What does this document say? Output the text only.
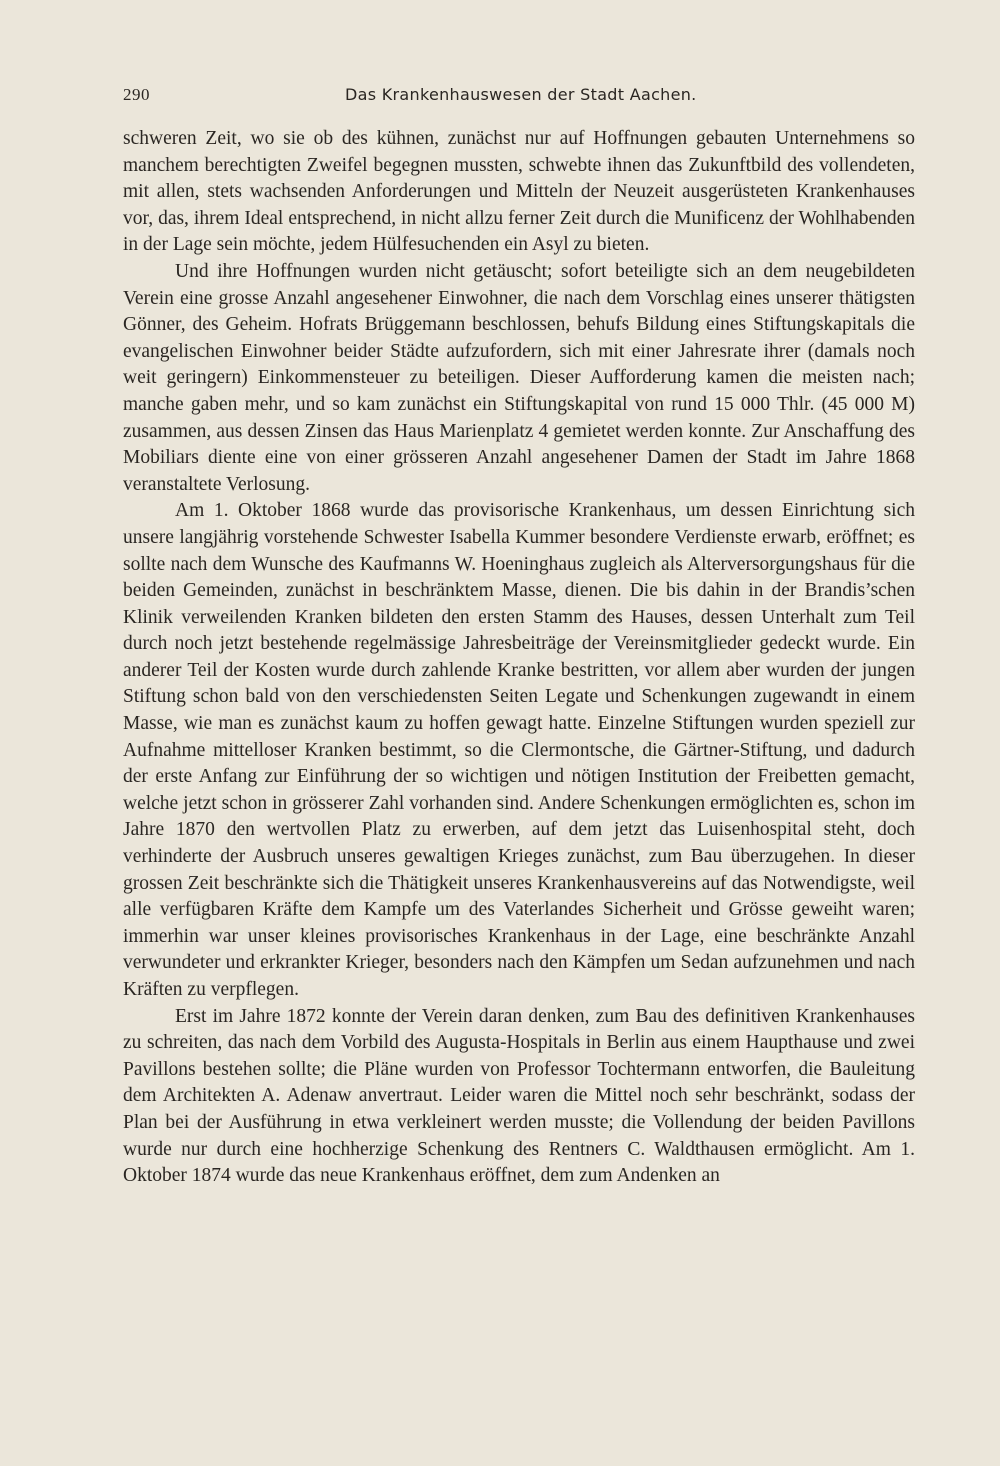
290	Das Krankenhauswesen der Stadt Aachen.

schweren Zeit, wo sie ob des kühnen, zunächst nur auf Hoffnungen gebauten Unternehmens so manchem berechtigten Zweifel begegnen mussten, schwebte ihnen das Zukunftbild des vollendeten, mit allen, stets wachsenden Anforderungen und Mitteln der Neuzeit ausgerüsteten Krankenhauses vor, das, ihrem Ideal entsprechend, in nicht allzu ferner Zeit durch die Munificenz der Wohlhabenden in der Lage sein möchte, jedem Hülfesuchenden ein Asyl zu bieten.

Und ihre Hoffnungen wurden nicht getäuscht; sofort beteiligte sich an dem neugebildeten Verein eine grosse Anzahl angesehener Einwohner, die nach dem Vorschlag eines unserer thätigsten Gönner, des Geheim. Hofrats Brüggemann beschlossen, behufs Bildung eines Stiftungskapitals die evangelischen Einwohner beider Städte aufzufordern, sich mit einer Jahresrate ihrer (damals noch weit geringern) Einkommensteuer zu beteiligen. Dieser Aufforderung kamen die meisten nach; manche gaben mehr, und so kam zunächst ein Stiftungskapital von rund 15 000 Thlr. (45 000 M) zusammen, aus dessen Zinsen das Haus Marienplatz 4 gemietet werden konnte. Zur Anschaffung des Mobiliars diente eine von einer grösseren Anzahl angesehener Damen der Stadt im Jahre 1868 veranstaltete Verlosung.

Am 1. Oktober 1868 wurde das provisorische Krankenhaus, um dessen Einrichtung sich unsere langjährig vorstehende Schwester Isabella Kummer besondere Verdienste erwarb, eröffnet; es sollte nach dem Wunsche des Kaufmanns W. Hoeninghaus zugleich als Alterversorgungshaus für die beiden Gemeinden, zunächst in beschränktem Masse, dienen. Die bis dahin in der Brandis’schen Klinik verweilenden Kranken bildeten den ersten Stamm des Hauses, dessen Unterhalt zum Teil durch noch jetzt bestehende regelmässige Jahresbeiträge der Vereinsmitglieder gedeckt wurde. Ein anderer Teil der Kosten wurde durch zahlende Kranke bestritten, vor allem aber wurden der jungen Stiftung schon bald von den verschiedensten Seiten Legate und Schenkungen zugewandt in einem Masse, wie man es zunächst kaum zu hoffen gewagt hatte. Einzelne Stiftungen wurden speziell zur Aufnahme mittelloser Kranken bestimmt, so die Clermontsche, die Gärtner-Stiftung, und dadurch der erste Anfang zur Einführung der so wichtigen und nötigen Institution der Freibetten gemacht, welche jetzt schon in grösserer Zahl vorhanden sind. Andere Schenkungen ermöglichten es, schon im Jahre 1870 den wertvollen Platz zu erwerben, auf dem jetzt das Luisenhospital steht, doch verhinderte der Ausbruch unseres gewaltigen Krieges zunächst, zum Bau überzugehen. In dieser grossen Zeit beschränkte sich die Thätigkeit unseres Krankenhausvereins auf das Notwendigste, weil alle verfügbaren Kräfte dem Kampfe um des Vaterlandes Sicherheit und Grösse geweiht waren; immerhin war unser kleines provisorisches Krankenhaus in der Lage, eine beschränkte Anzahl verwundeter und erkrankter Krieger, besonders nach den Kämpfen um Sedan aufzunehmen und nach Kräften zu verpflegen.

Erst im Jahre 1872 konnte der Verein daran denken, zum Bau des definitiven Krankenhauses zu schreiten, das nach dem Vorbild des Augusta-Hospitals in Berlin aus einem Haupthause und zwei Pavillons bestehen sollte; die Pläne wurden von Professor Tochtermann entworfen, die Bauleitung dem Architekten A. Adenaw anvertraut. Leider waren die Mittel noch sehr beschränkt, sodass der Plan bei der Ausführung in etwa verkleinert werden musste; die Vollendung der beiden Pavillons wurde nur durch eine hochherzige Schenkung des Rentners C. Waldthausen ermöglicht. Am 1. Oktober 1874 wurde das neue Krankenhaus eröffnet, dem zum Andenken an
